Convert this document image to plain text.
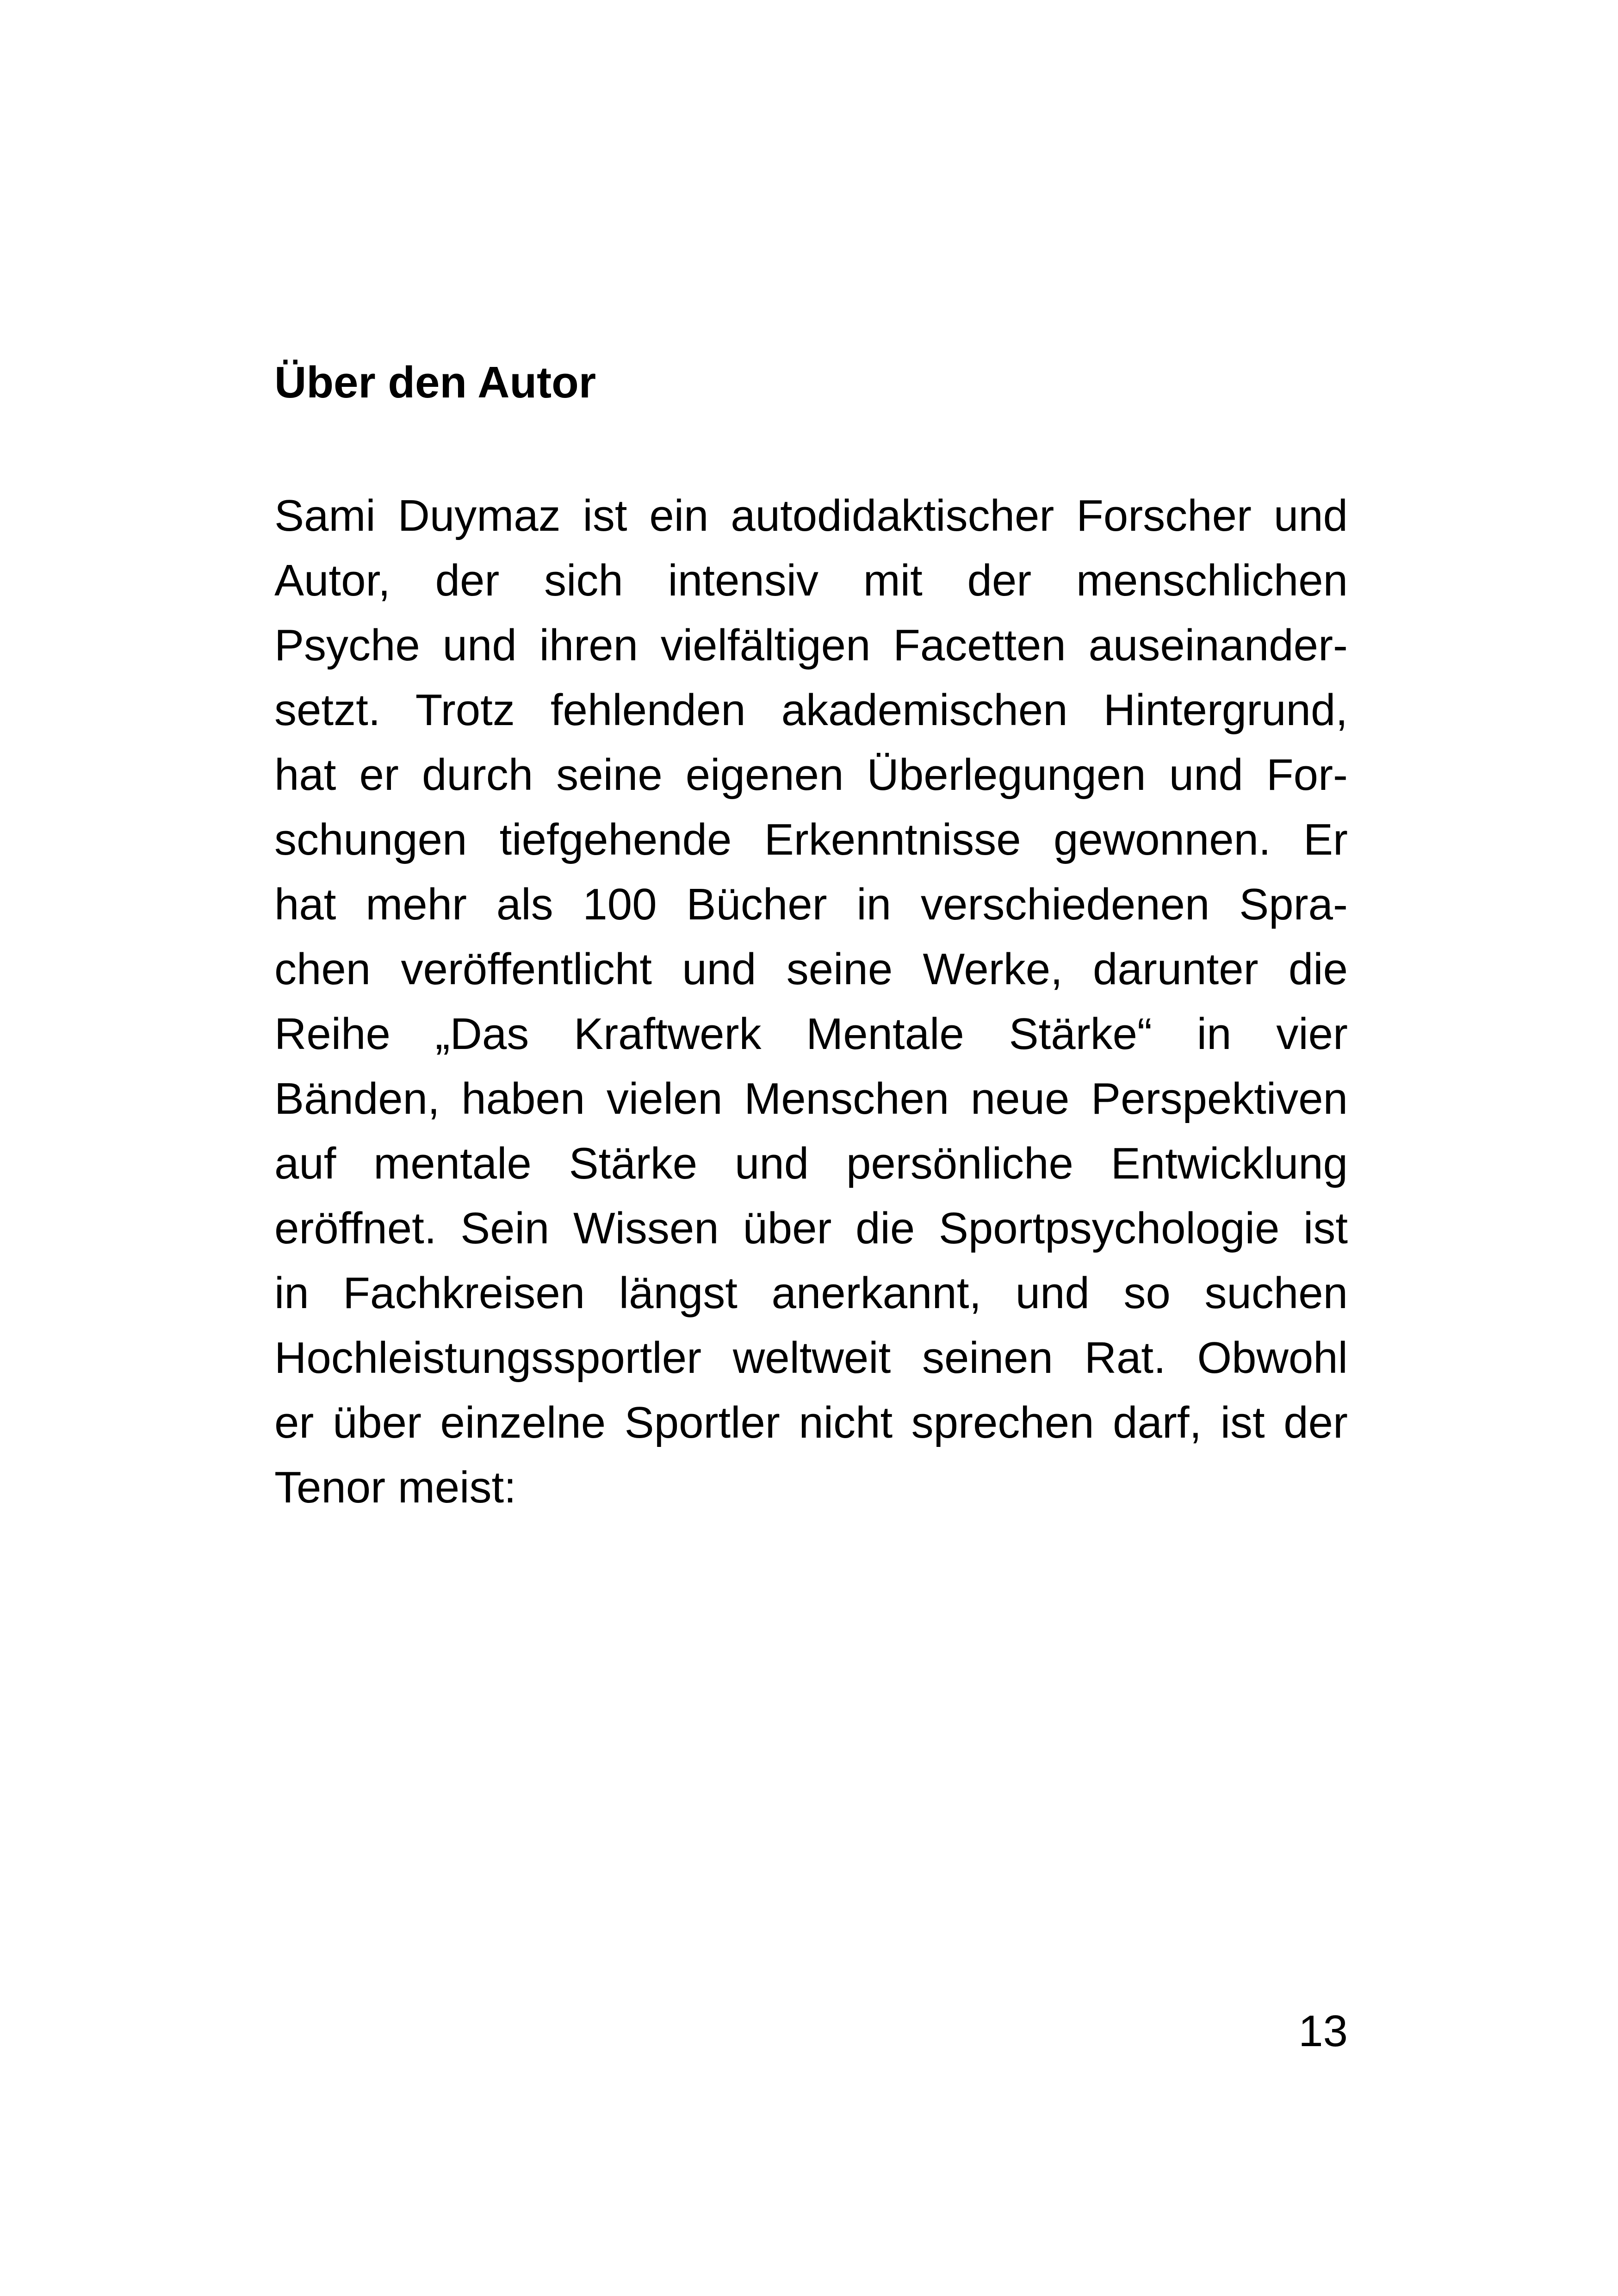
Über den Autor
Sami Duymaz ist ein autodidaktischer Forscher und
Autor, der sich intensiv mit der menschlichen
Psyche und ihren vielfältigen Facetten auseinander-
setzt. Trotz fehlenden akademischen Hintergrund,
hat er durch seine eigenen Überlegungen und For-
schungen tiefgehende Erkenntnisse gewonnen. Er
hat mehr als 100 Bücher in verschiedenen Spra-
chen veröffentlicht und seine Werke, darunter die
Reihe „Das Kraftwerk Mentale Stärke“ in vier
Bänden, haben vielen Menschen neue Perspektiven
auf mentale Stärke und persönliche Entwicklung
eröffnet. Sein Wissen über die Sportpsychologie ist
in Fachkreisen längst anerkannt, und so suchen
Hochleistungssportler weltweit seinen Rat. Obwohl
er über einzelne Sportler nicht sprechen darf, ist der
Tenor meist:
13
